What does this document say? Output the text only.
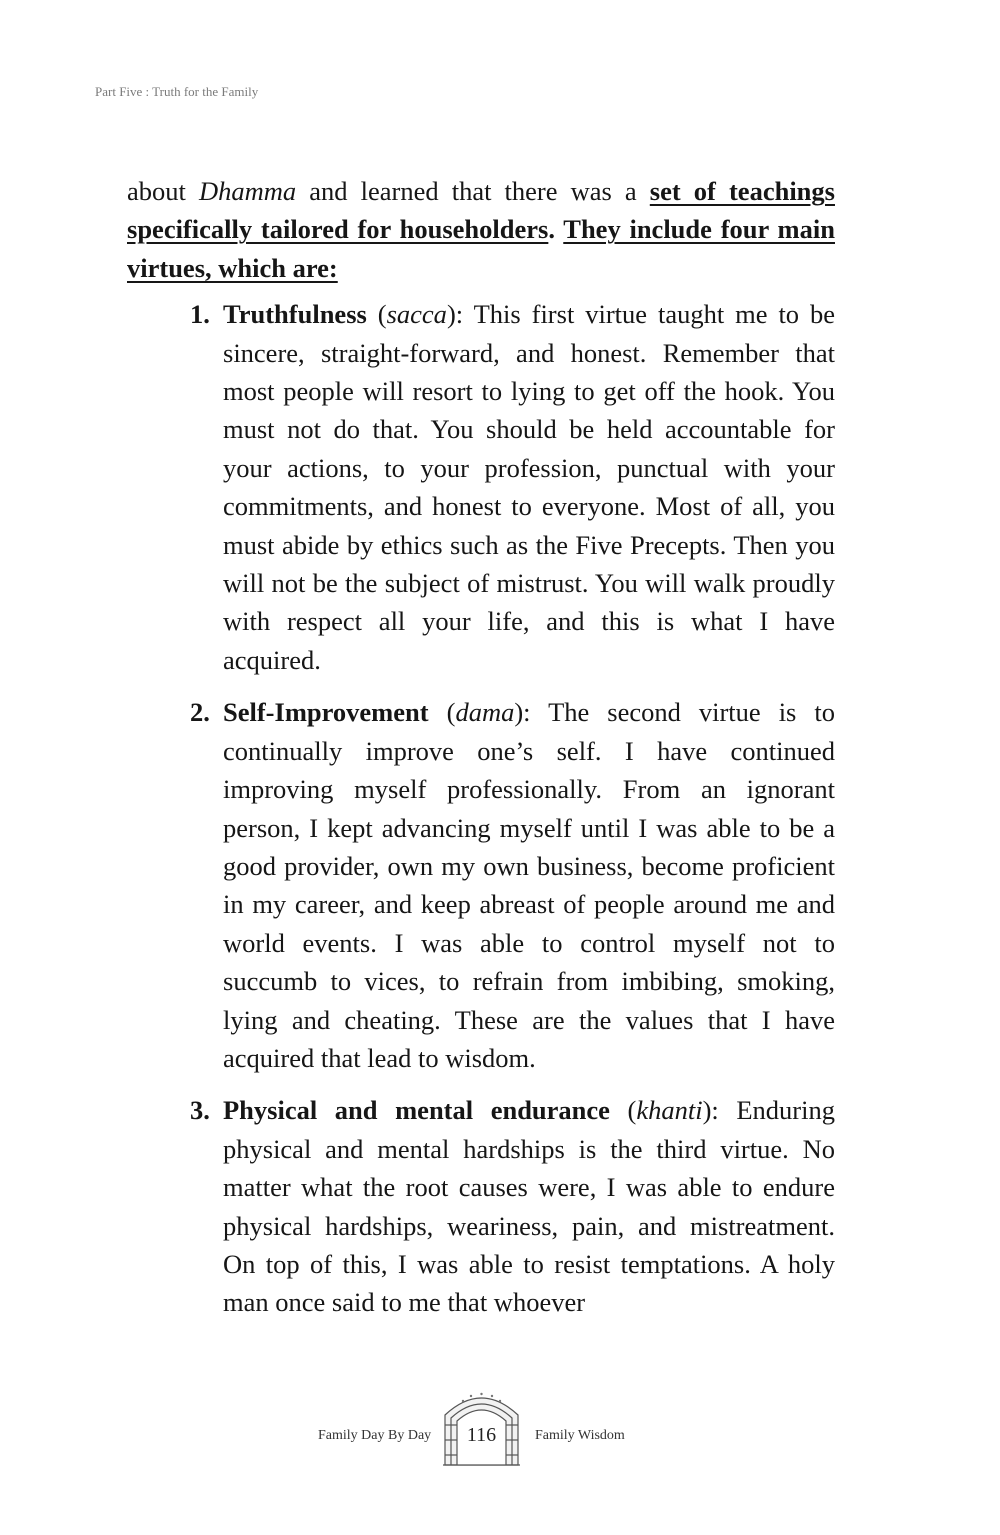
Part Five : Truth for the Family

about Dhamma and learned that there was a set of teachings specifically tailored for householders. They include four main virtues, which are:

1. Truthfulness (sacca): This first virtue taught me to be sincere, straight-forward, and honest. Remember that most people will resort to lying to get off the hook. You must not do that. You should be held accountable for your actions, to your profession, punctual with your commitments, and honest to everyone. Most of all, you must abide by ethics such as the Five Precepts. Then you will not be the subject of mistrust. You will walk proudly with respect all your life, and this is what I have acquired.
2. Self-Improvement (dama): The second virtue is to continually improve one’s self. I have continued improving myself professionally. From an ignorant person, I kept advancing myself until I was able to be a good provider, own my own business, become proficient in my career, and keep abreast of people around me and world events. I was able to control myself not to succumb to vices, to refrain from imbibing, smoking, lying and cheating. These are the values that I have acquired that lead to wisdom.
3. Physical and mental endurance (khanti): Enduring physical and mental hardships is the third virtue. No matter what the root causes were, I was able to endure physical hardships, weariness, pain, and mistreatment. On top of this, I was able to resist temptations. A holy man once said to me that whoever
Family Day By Day	116	Family Wisdom
